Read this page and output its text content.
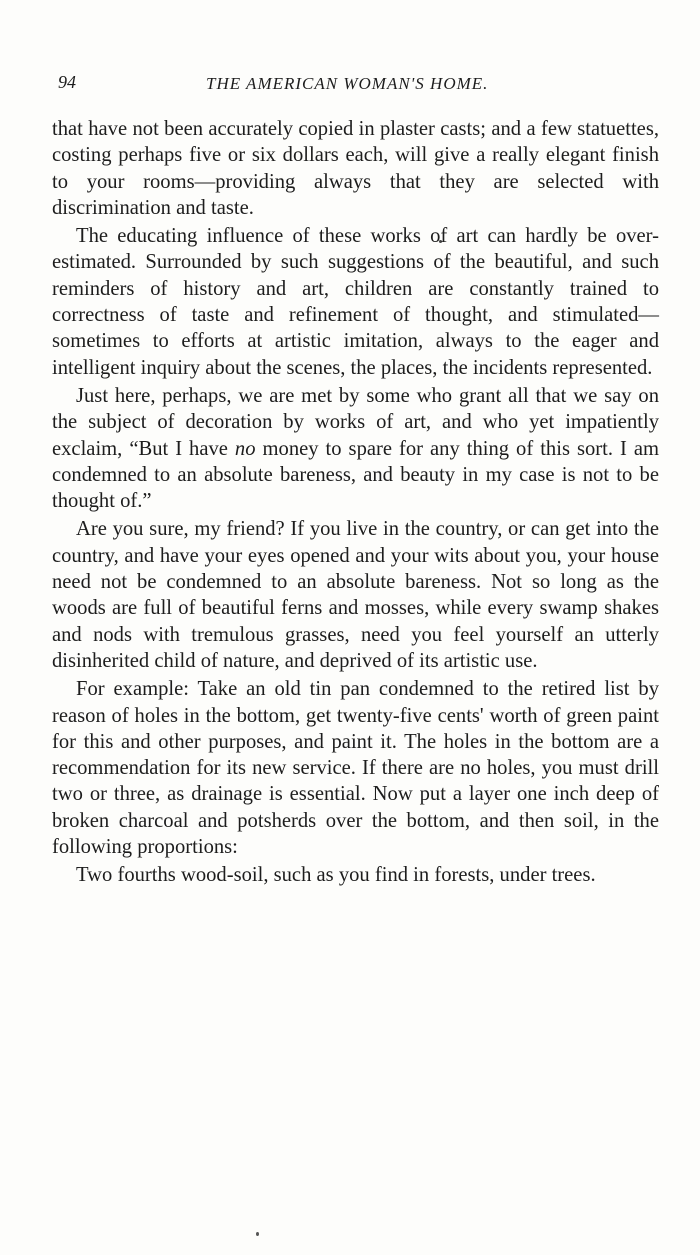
94	THE AMERICAN WOMAN'S HOME.

that have not been accurately copied in plaster casts; and a few statuettes, costing perhaps five or six dollars each, will give a really elegant finish to your rooms—providing always that they are selected with discrimination and taste.

The educating influence of these works of art can hardly be over-estimated. Surrounded by such suggestions of the beautiful, and such reminders of history and art, children are constantly trained to correctness of taste and refinement of thought, and stimulated—sometimes to efforts at artistic imitation, always to the eager and intelligent inquiry about the scenes, the places, the incidents represented.

Just here, perhaps, we are met by some who grant all that we say on the subject of decoration by works of art, and who yet impatiently exclaim, “But I have no money to spare for any thing of this sort. I am condemned to an absolute bareness, and beauty in my case is not to be thought of.”

Are you sure, my friend? If you live in the country, or can get into the country, and have your eyes opened and your wits about you, your house need not be condemned to an absolute bareness. Not so long as the woods are full of beautiful ferns and mosses, while every swamp shakes and nods with tremulous grasses, need you feel yourself an utterly disinherited child of nature, and deprived of its artistic use.

For example: Take an old tin pan condemned to the retired list by reason of holes in the bottom, get twenty-five cents' worth of green paint for this and other purposes, and paint it. The holes in the bottom are a recommendation for its new service. If there are no holes, you must drill two or three, as drainage is essential. Now put a layer one inch deep of broken charcoal and potsherds over the bottom, and then soil, in the following proportions:

Two fourths wood-soil, such as you find in forests, under trees.
